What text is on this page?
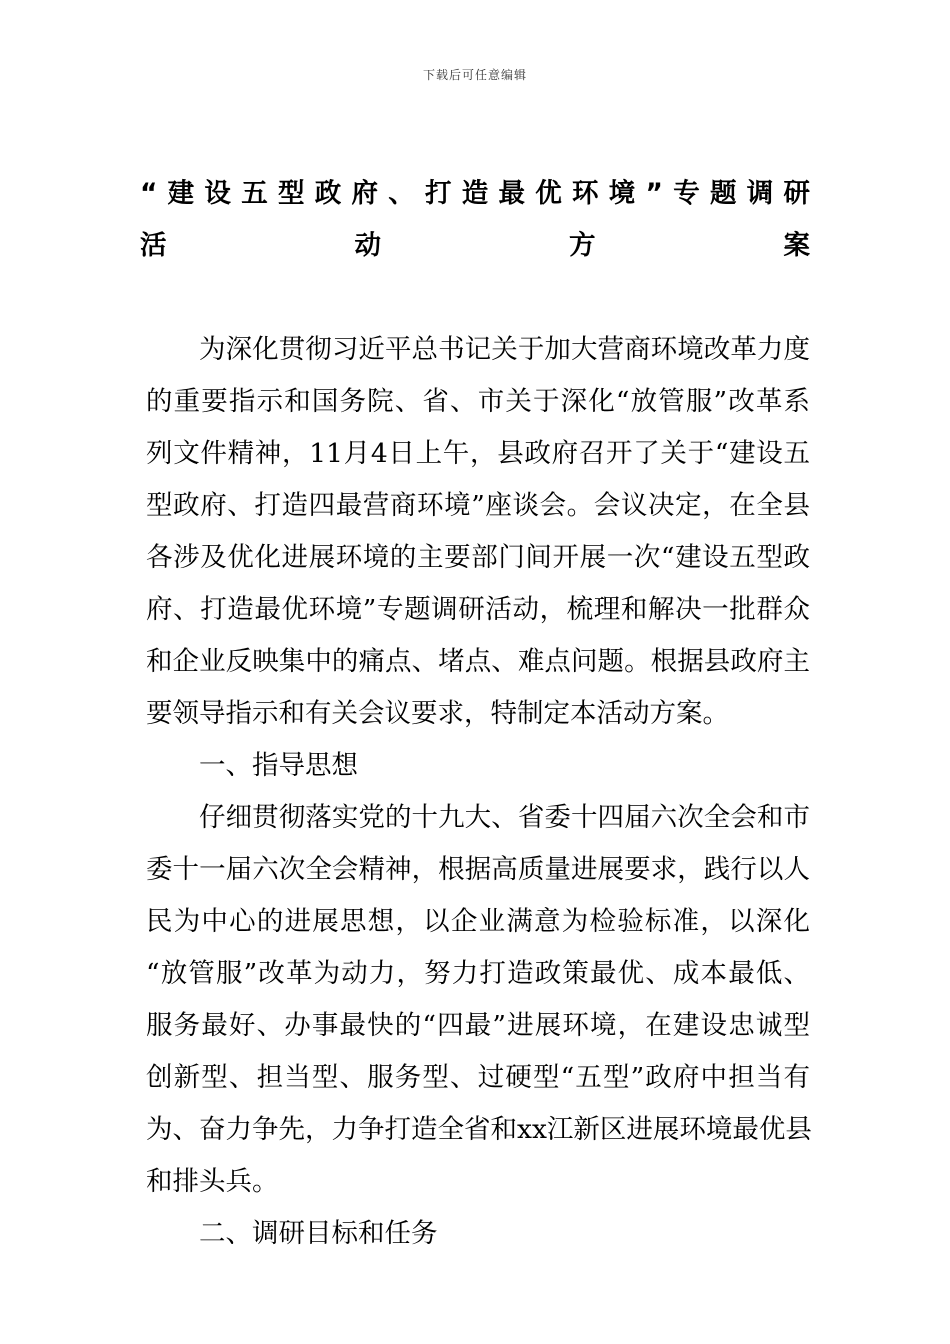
下载后可任意编辑
“建设五型政府、打造最优环境”专题调研
活动方案
为深化贯彻习近平总书记关于加大营商环境改革力度
的重要指示和国务院、省、市关于深化“放管服”改革系
列文件精神，11月4日上午，县政府召开了关于“建设五
型政府、打造四最营商环境”座谈会。会议决定，在全县
各涉及优化进展环境的主要部门间开展一次“建设五型政
府、打造最优环境”专题调研活动，梳理和解决一批群众
和企业反映集中的痛点、堵点、难点问题。根据县政府主
要领导指示和有关会议要求，特制定本活动方案。
一、指导思想
仔细贯彻落实党的十九大、省委十四届六次全会和市
委十一届六次全会精神，根据高质量进展要求，践行以人
民为中心的进展思想，以企业满意为检验标准，以深化
“放管服”改革为动力，努力打造政策最优、成本最低、
服务最好、办事最快的“四最”进展环境，在建设忠诚型
创新型、担当型、服务型、过硬型“五型”政府中担当有
为、奋力争先，力争打造全省和xx江新区进展环境最优县
和排头兵。
二、调研目标和任务
